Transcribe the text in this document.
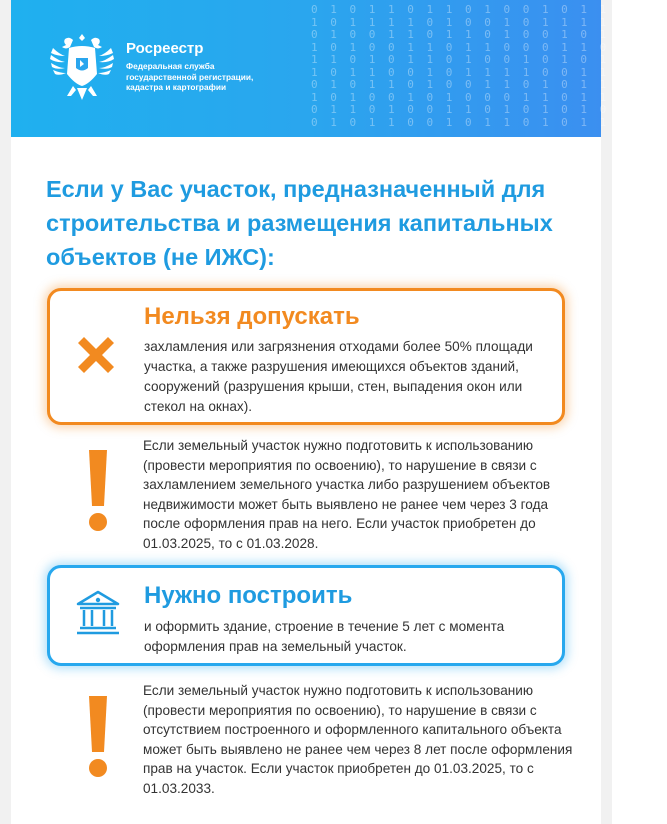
0 1 0 1 1 0 1 1 0 1 0 0 1 0 1 1 0 1 1
1 0 1 1 1 1 0 1 0 0 1 0 1 1 1 1 1 0 1
0 1 0 0 1 1 0 1 1 0 1 0 0 1 0 1 0 1 0
1 0 1 0 0 1 1 0 1 1 0 0 0 1 1 0 1 1 1
1 1 0 1 0 1 1 0 1 0 0 1 0 1 0 1 1 0 1
1 0 1 1 0 0 1 0 1 1 1 1 0 0 1 1 1 0 1
0 1 0 1 1 0 1 0 0 1 1 0 1 0 1 1 0 0 1
1 0 1 0 0 1 0 1 0 0 0 1 1 0 1 1 0 1 1
0 1 1 0 1 0 0 1 1 0 1 0 1 0 1 0 1 0 1
0 1 0 1 1 0 0 1 0 1 1 0 1 0 1 1 0 0 1
Росреестр
Федеральная служба
государственной регистрации,
кадастра и картографии
Если у Вас участок, предназначенный для строительства и размещения капитальных объектов (не ИЖС):
Нельзя допускать
захламления или загрязнения отходами более 50% площади участка, а также разрушения имеющихся объектов зданий, сооружений (разрушения крыши, стен, выпадения окон или стекол на окнах).
Если земельный участок нужно подготовить к использованию (провести мероприятия по освоению), то нарушение в связи с захламлением земельного участка либо разрушением объектов недвижимости может быть выявлено не ранее чем через 3 года после оформления прав на него. Если участок приобретен до 01.03.2025, то с 01.03.2028.
Нужно построить
и оформить здание, строение в течение 5 лет с момента оформления прав на земельный участок.
Если земельный участок нужно подготовить к использованию (провести мероприятия по освоению), то нарушение в связи с отсутствием построенного и оформленного капитального объекта может быть выявлено не ранее чем через 8 лет после оформления прав на участок. Если участок приобретен до 01.03.2025, то с 01.03.2033.
